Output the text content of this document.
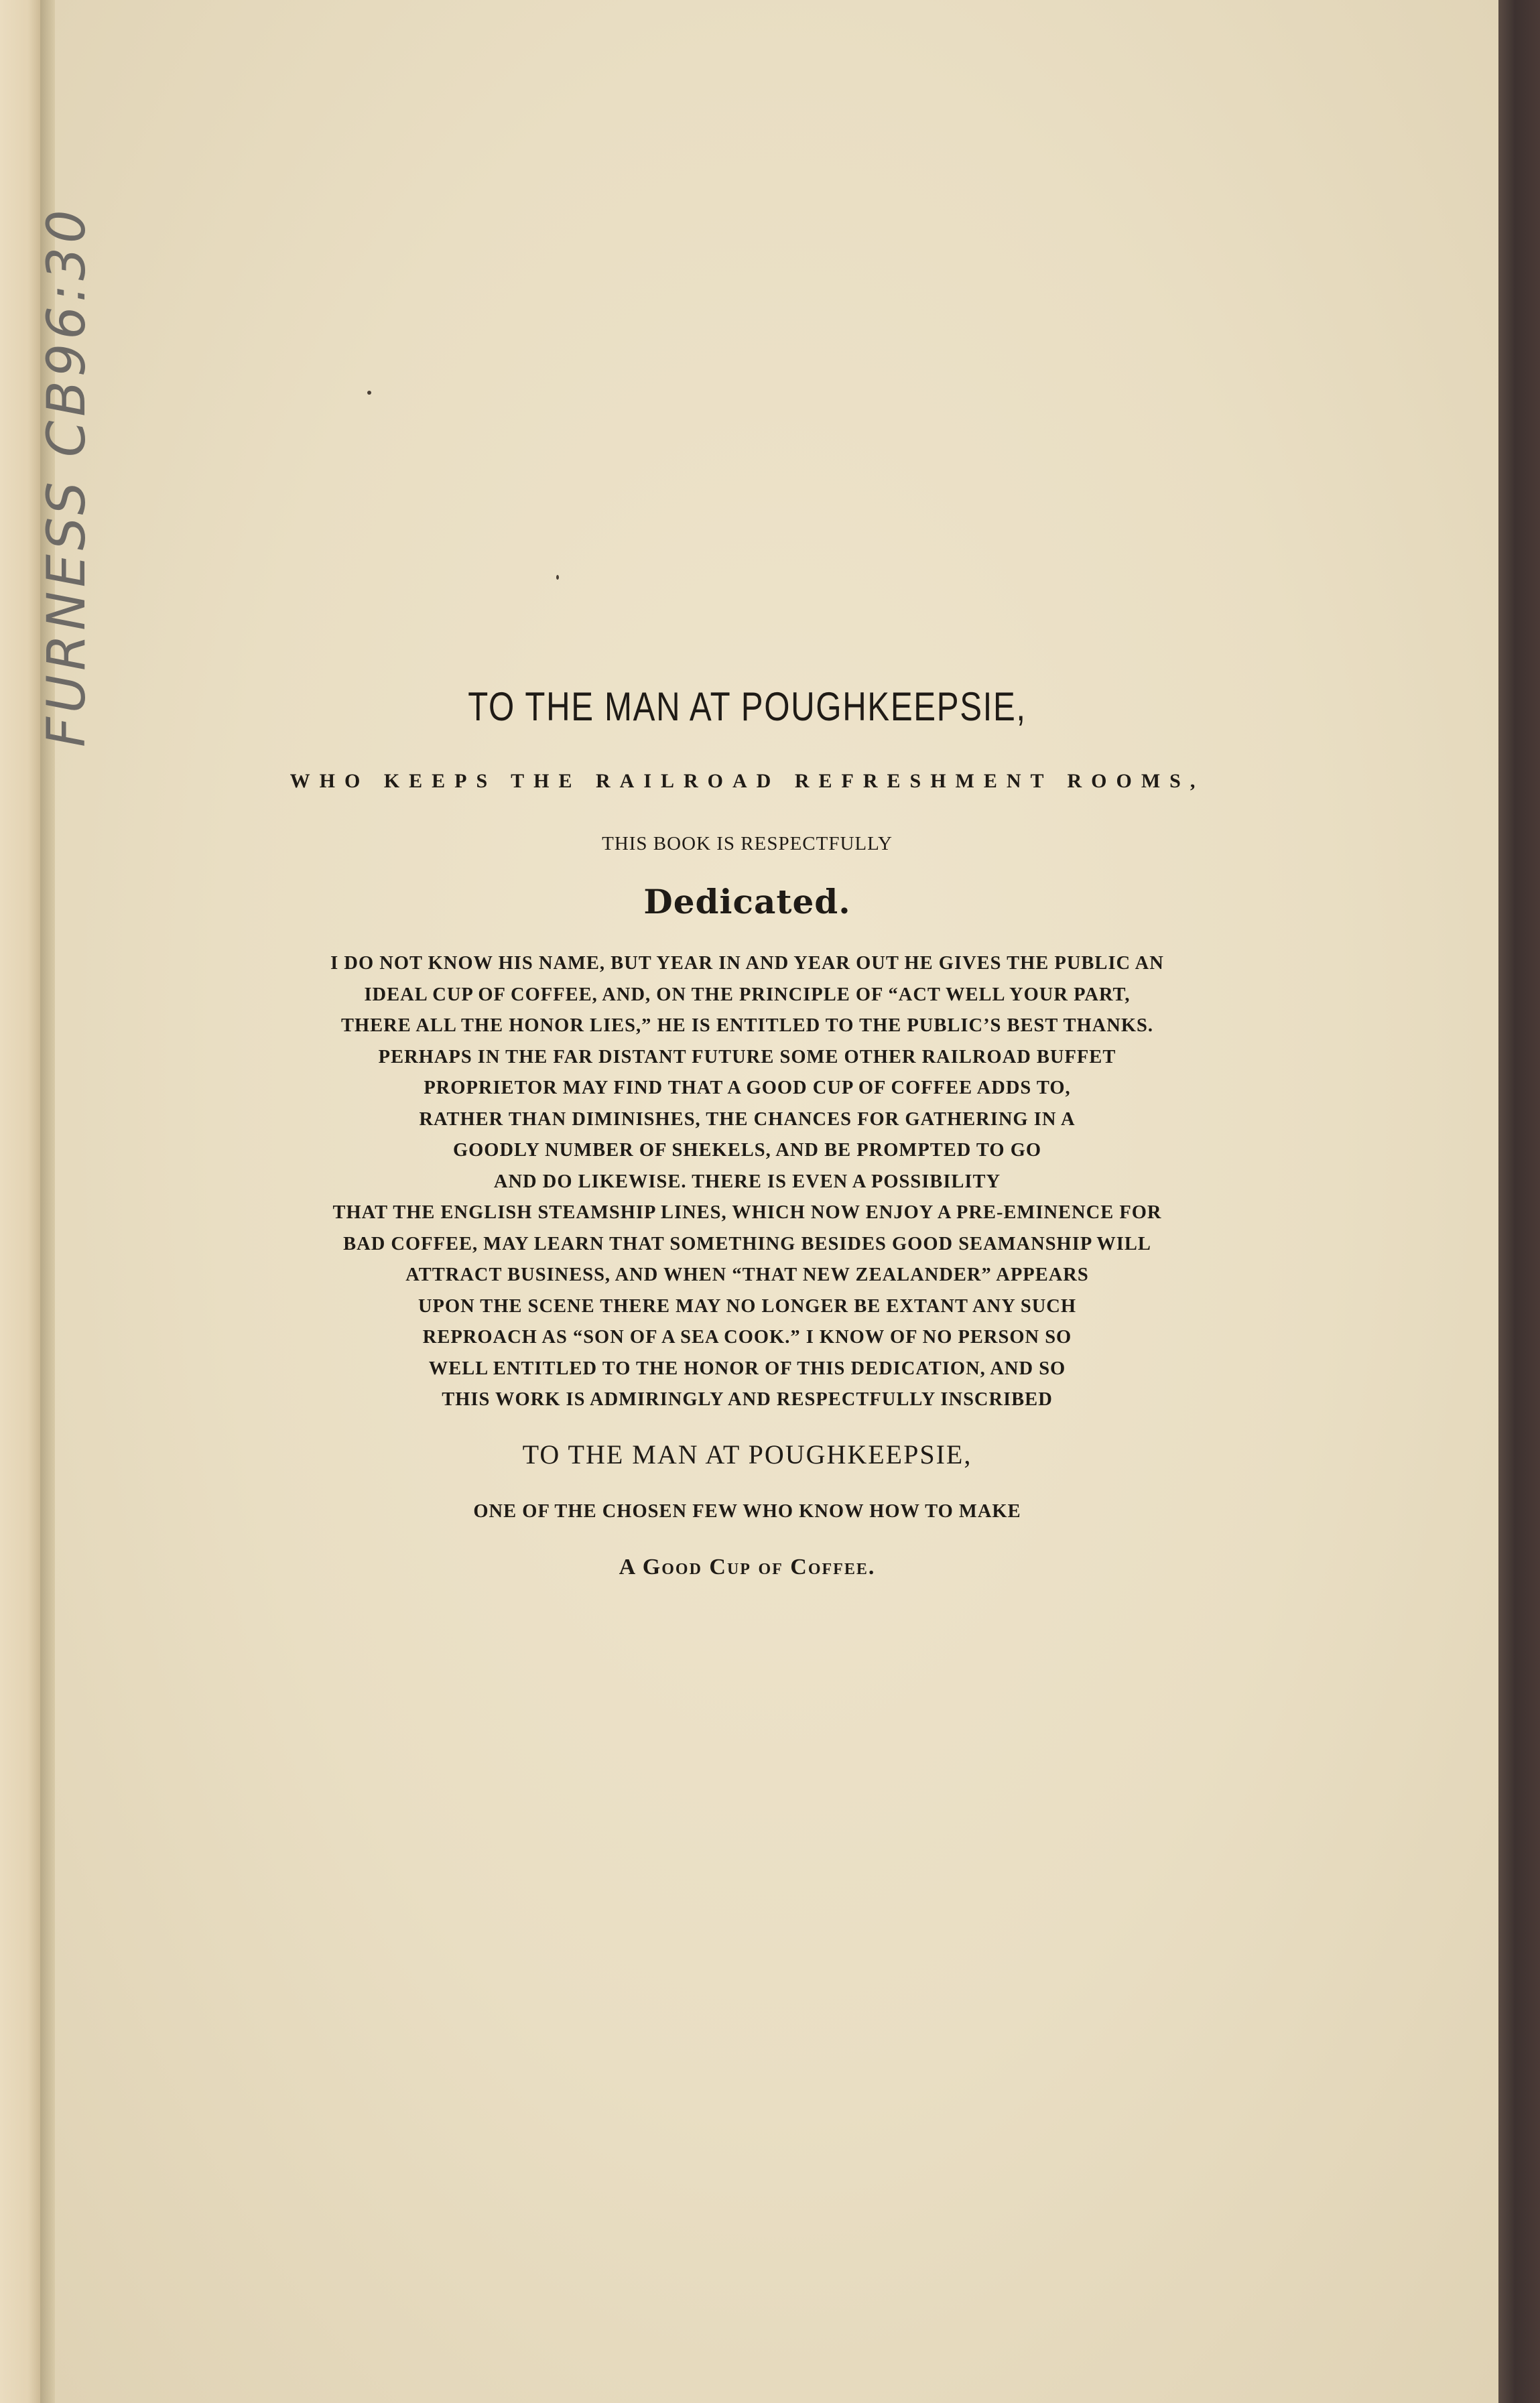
FURNESS CB96:30	TO THE MAN AT POUGHKEEPSIE,
WHO KEEPS THE RAILROAD REFRESHMENT ROOMS,
THIS BOOK IS RESPECTFULLY
Dedicated.
I DO NOT KNOW HIS NAME, BUT YEAR IN AND YEAR OUT HE GIVES THE PUBLIC AN
IDEAL CUP OF COFFEE, AND, ON THE PRINCIPLE OF “ACT WELL YOUR PART,
THERE ALL THE HONOR LIES,” HE IS ENTITLED TO THE PUBLIC’S BEST THANKS.
PERHAPS IN THE FAR DISTANT FUTURE SOME OTHER RAILROAD BUFFET
PROPRIETOR MAY FIND THAT A GOOD CUP OF COFFEE ADDS TO,
RATHER THAN DIMINISHES, THE CHANCES FOR GATHERING IN A
GOODLY NUMBER OF SHEKELS, AND BE PROMPTED TO GO
AND DO LIKEWISE. THERE IS EVEN A POSSIBILITY
THAT THE ENGLISH STEAMSHIP LINES, WHICH NOW ENJOY A PRE-EMINENCE FOR
BAD COFFEE, MAY LEARN THAT SOMETHING BESIDES GOOD SEAMANSHIP WILL
ATTRACT BUSINESS, AND WHEN “THAT NEW ZEALANDER” APPEARS
UPON THE SCENE THERE MAY NO LONGER BE EXTANT ANY SUCH
REPROACH AS “SON OF A SEA COOK.” I KNOW OF NO PERSON SO
WELL ENTITLED TO THE HONOR OF THIS DEDICATION, AND SO
THIS WORK IS ADMIRINGLY AND RESPECTFULLY INSCRIBED
TO THE MAN AT POUGHKEEPSIE,
ONE OF THE CHOSEN FEW WHO KNOW HOW TO MAKE
A Good Cup of Coffee.
